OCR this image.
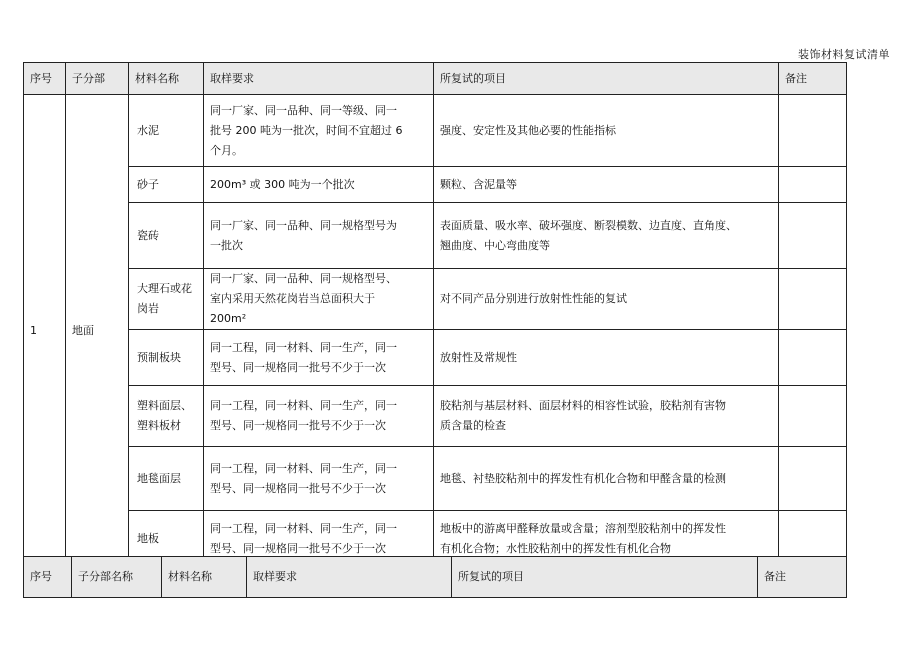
装饰材料复试清单
序号	子分部	材料名称	取样要求	所复试的项目	备注
1	地面	水泥	同一厂家、同一品种、同一等级、同一
批号 200 吨为一批次，时间不宜超过 6
个月。	强度、安定性及其他必要的性能指标	
		砂子	200m³ 或 300 吨为一个批次	颗粒、含泥量等	
		瓷砖	同一厂家、同一品种、同一规格型号为
一批次	表面质量、吸水率、破坏强度、断裂模数、边直度、直角度、
翘曲度、中心弯曲度等	
		大理石或花
岗岩	同一厂家、同一品种、同一规格型号、
室内采用天然花岗岩当总面积大于
200m²	对不同产品分别进行放射性性能的复试	
		预制板块	同一工程，同一材料、同一生产，同一
型号、同一规格同一批号不少于一次	放射性及常规性	
		塑料面层、
塑料板材	同一工程，同一材料、同一生产，同一
型号、同一规格同一批号不少于一次	胶粘剂与基层材料、面层材料的相容性试验，胶粘剂有害物
质含量的检查	
		地毯面层	同一工程，同一材料、同一生产，同一
型号、同一规格同一批号不少于一次	地毯、衬垫胶粘剂中的挥发性有机化合物和甲醛含量的检测	
		地板	同一工程，同一材料、同一生产，同一
型号、同一规格同一批号不少于一次	地板中的游离甲醛释放量或含量；溶剂型胶粘剂中的挥发性
有机化合物；水性胶粘剂中的挥发性有机化合物	
序号	子分部名称	材料名称	取样要求	所复试的项目	备注
